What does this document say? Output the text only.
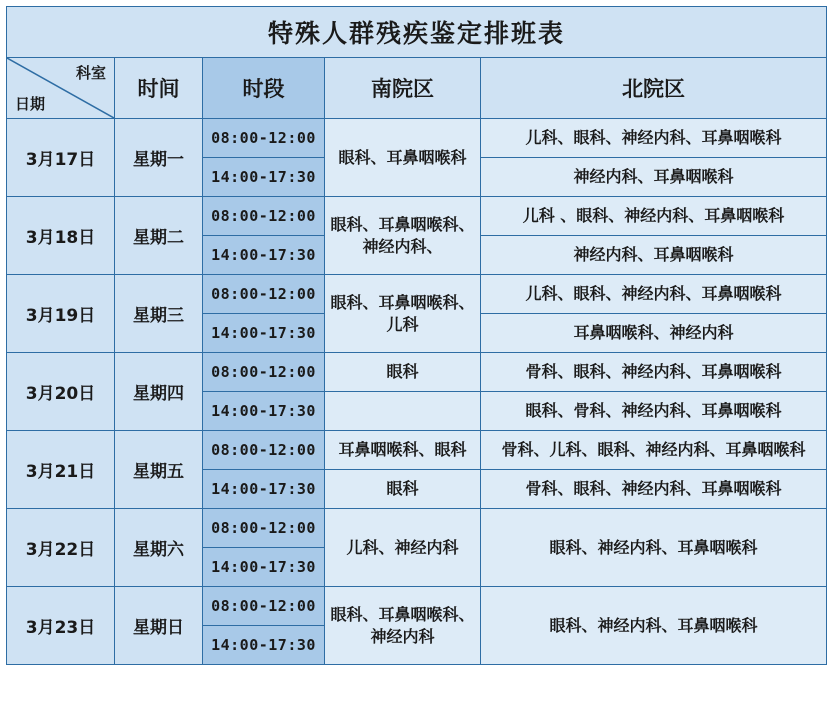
特殊人群残疾鉴定排班表				

科室
日期	时间	时段	南院区	北院区
3月17日	星期一	08:00-12:00	眼科、耳鼻咽喉科	儿科、眼科、神经内科、耳鼻咽喉科
		14:00-17:30		神经内科、耳鼻咽喉科
3月18日	星期二	08:00-12:00	眼科、耳鼻咽喉科、神经内科、	儿科 、眼科、神经内科、耳鼻咽喉科
		14:00-17:30		神经内科、耳鼻咽喉科
3月19日	星期三	08:00-12:00	眼科、耳鼻咽喉科、儿科	儿科、眼科、神经内科、耳鼻咽喉科
		14:00-17:30		耳鼻咽喉科、神经内科
3月20日	星期四	08:00-12:00	眼科	骨科、眼科、神经内科、耳鼻咽喉科
		14:00-17:30		眼科、骨科、神经内科、耳鼻咽喉科
3月21日	星期五	08:00-12:00	耳鼻咽喉科、眼科	骨科、儿科、眼科、神经内科、耳鼻咽喉科
		14:00-17:30	眼科	骨科、眼科、神经内科、耳鼻咽喉科
3月22日	星期六	08:00-12:00	儿科、神经内科	眼科、神经内科、耳鼻咽喉科
		14:00-17:30		
3月23日	星期日	08:00-12:00	眼科、耳鼻咽喉科、神经内科	眼科、神经内科、耳鼻咽喉科
		14:00-17:30		
